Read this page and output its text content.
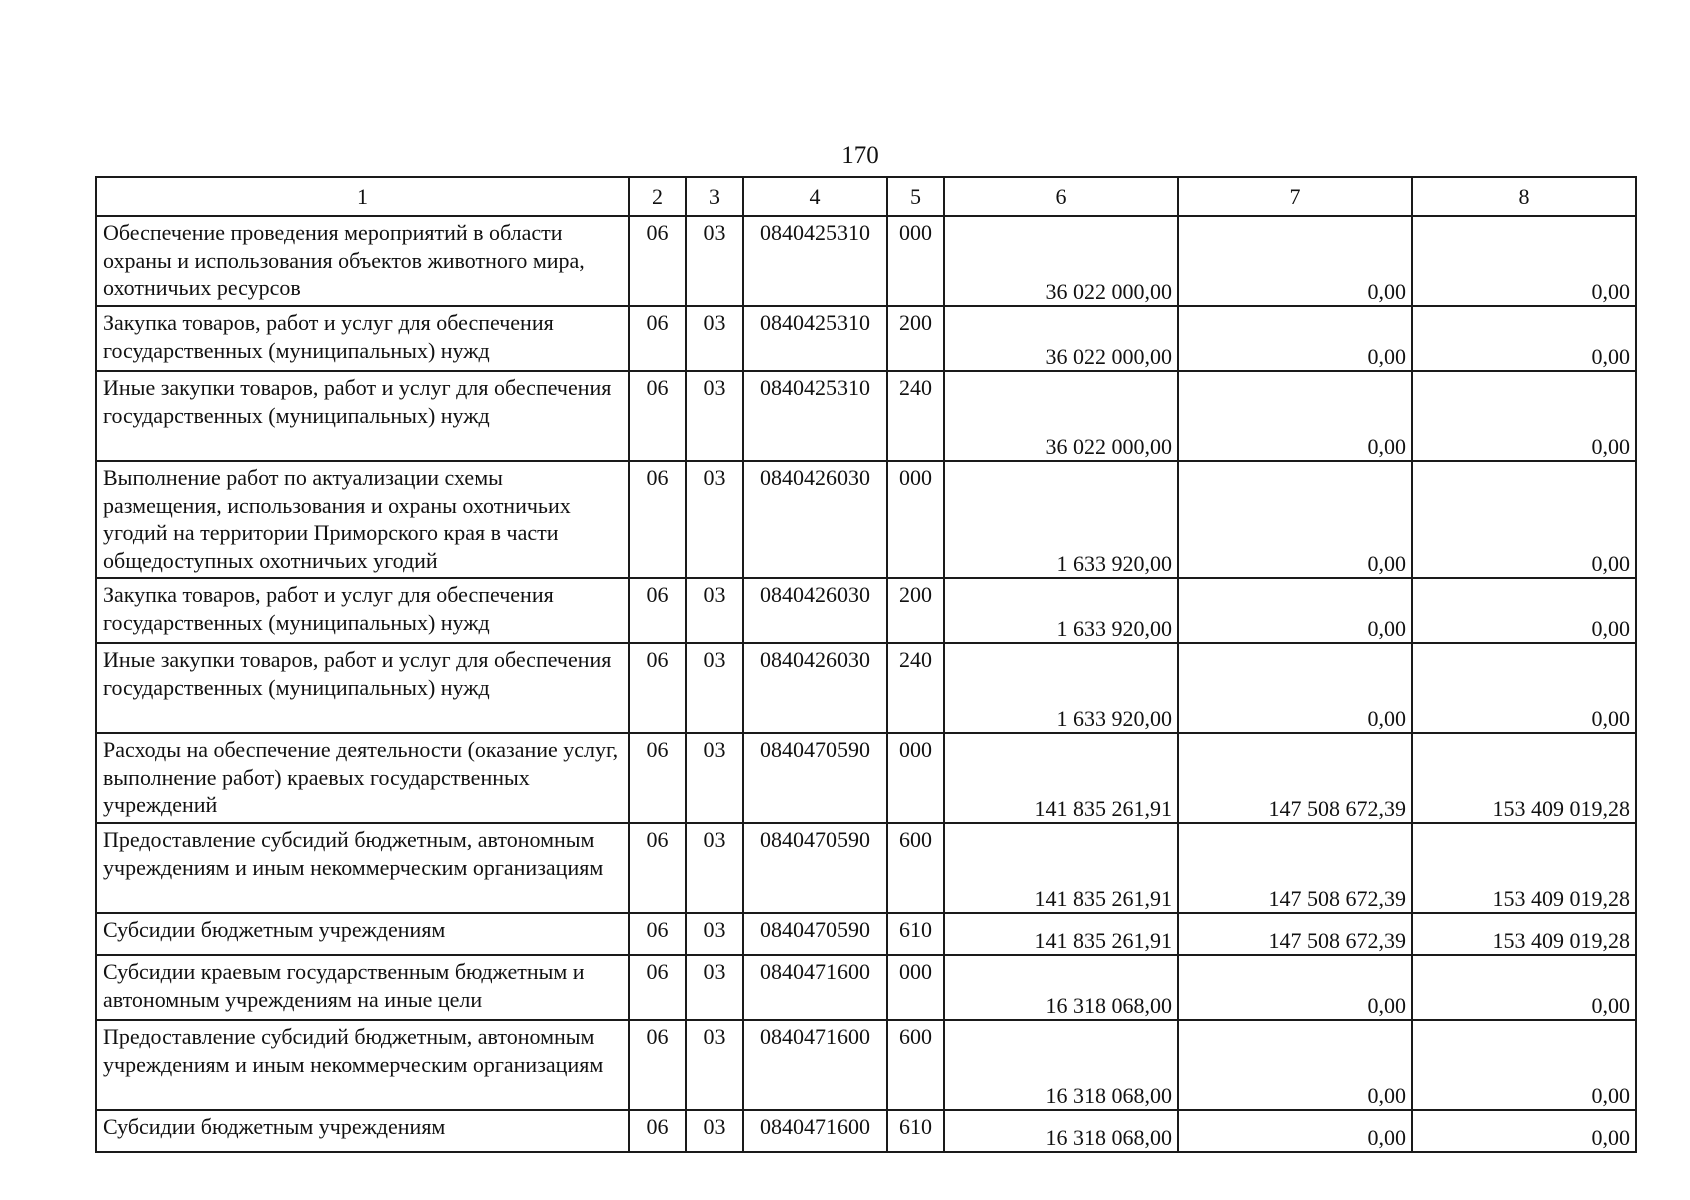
170
1	2	3	4	5	6	7	8
Обеспечение проведения мероприятий в области охраны и использования объектов животного мира, охотничьих ресурсов	06	03	0840425310	000	36 022 000,00	0,00	0,00
Закупка товаров, работ и услуг для обеспечения государственных (муниципальных) нужд	06	03	0840425310	200	36 022 000,00	0,00	0,00
Иные закупки товаров, работ и услуг для обеспечения государственных (муниципальных) нужд	06	03	0840425310	240	36 022 000,00	0,00	0,00
Выполнение работ по актуализации схемы размещения, использования и охраны охотничьих угодий на территории Приморского края в части общедоступных охотничьих угодий	06	03	0840426030	000	1 633 920,00	0,00	0,00
Закупка товаров, работ и услуг для обеспечения государственных (муниципальных) нужд	06	03	0840426030	200	1 633 920,00	0,00	0,00
Иные закупки товаров, работ и услуг для обеспечения государственных (муниципальных) нужд	06	03	0840426030	240	1 633 920,00	0,00	0,00
Расходы на обеспечение деятельности (оказание услуг, выполнение работ) краевых государственных учреждений	06	03	0840470590	000	141 835 261,91	147 508 672,39	153 409 019,28
Предоставление субсидий бюджетным, автономным учреждениям и иным некоммерческим организациям	06	03	0840470590	600	141 835 261,91	147 508 672,39	153 409 019,28
Субсидии бюджетным учреждениям	06	03	0840470590	610	141 835 261,91	147 508 672,39	153 409 019,28
Субсидии краевым государственным бюджетным и автономным учреждениям на иные цели	06	03	0840471600	000	16 318 068,00	0,00	0,00
Предоставление субсидий бюджетным, автономным учреждениям и иным некоммерческим организациям	06	03	0840471600	600	16 318 068,00	0,00	0,00
Субсидии бюджетным учреждениям	06	03	0840471600	610	16 318 068,00	0,00	0,00
